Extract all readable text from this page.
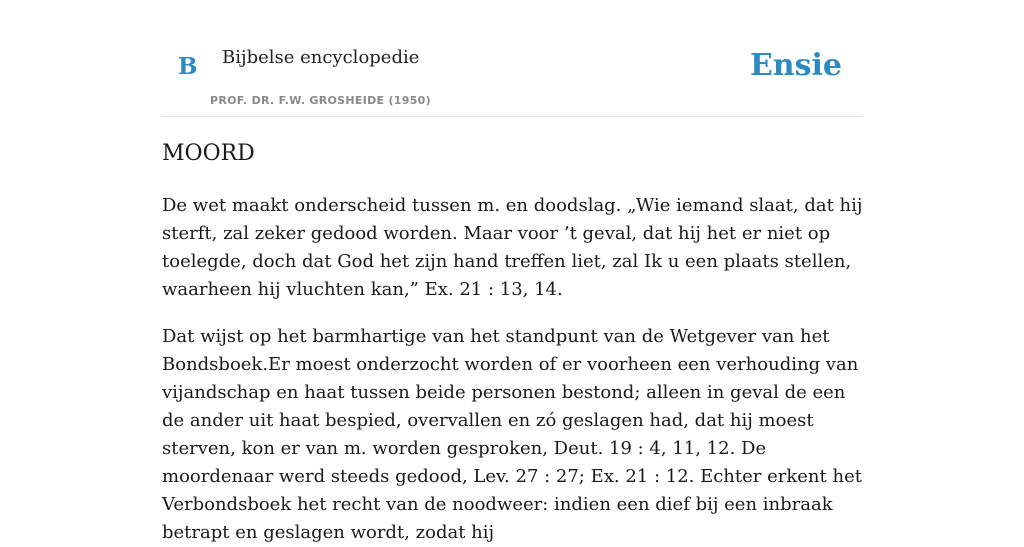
B Bijbelse encyclopedie
PROF. DR. F.W. GROSHEIDE (1950)
Ensie
MOORD

De wet maakt onderscheid tussen m. en doodslag. „Wie iemand slaat, dat hij sterft, zal zeker gedood worden. Maar voor ’t geval, dat hij het er niet op toelegde, doch dat God het zijn hand treffen liet, zal Ik u een plaats stellen, waarheen hij vluchten kan,” Ex. 21 : 13, 14.

Dat wijst op het barmhartige van het standpunt van de Wetgever van het Bondsboek.Er moest onderzocht worden of er voorheen een verhouding van vijandschap en haat tussen beide personen bestond; alleen in geval de een de ander uit haat bespied, overvallen en zó geslagen had, dat hij moest sterven, kon er van m. worden gesproken, Deut. 19 : 4, 11, 12. De moordenaar werd steeds gedood, Lev. 27 : 27; Ex. 21 : 12. Echter erkent het Verbondsboek het recht van de noodweer: indien een dief bij een inbraak betrapt en geslagen wordt, zodat hij
